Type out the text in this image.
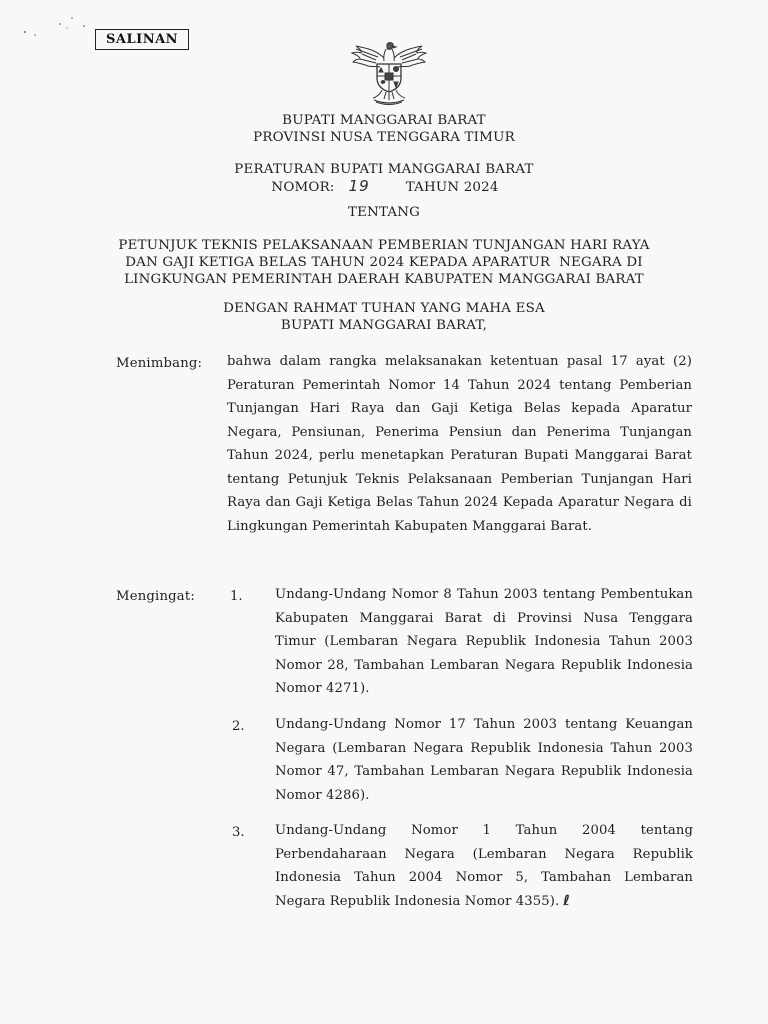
SALINAN
BUPATI MANGGARAI BARAT
PROVINSI NUSA TENGGARA TIMUR
PERATURAN BUPATI MANGGARAI BARAT
NOMOR: 19	TAHUN 2024
TENTANG
PETUNJUK TEKNIS PELAKSANAAN PEMBERIAN TUNJANGAN HARI RAYA
DAN GAJI KETIGA BELAS TAHUN 2024 KEPADA APARATUR  NEGARA DI
LINGKUNGAN PEMERINTAH DAERAH KABUPATEN MANGGARAI BARAT
DENGAN RAHMAT TUHAN YANG MAHA ESA
BUPATI MANGGARAI BARAT,
Menimbang: bahwa dalam rangka melaksanakan ketentuan pasal 17 ayat (2) Peraturan Pemerintah Nomor 14 Tahun 2024 tentang Pemberian Tunjangan Hari Raya dan Gaji Ketiga Belas kepada Aparatur Negara, Pensiunan, Penerima Pensiun dan Penerima Tunjangan Tahun 2024, perlu menetapkan Peraturan Bupati Manggarai Barat tentang Petunjuk Teknis Pelaksanaan Pemberian Tunjangan Hari Raya dan Gaji Ketiga Belas Tahun 2024 Kepada Aparatur Negara di Lingkungan Pemerintah Kabupaten Manggarai Barat.
Mengingat:	1. Undang-Undang Nomor 8 Tahun 2003 tentang Pembentukan Kabupaten Manggarai Barat di Provinsi Nusa Tenggara Timur (Lembaran Negara Republik Indonesia Tahun 2003 Nomor 28, Tambahan Lembaran Negara Republik Indonesia Nomor 4271).
2. Undang-Undang Nomor 17 Tahun 2003 tentang Keuangan Negara (Lembaran Negara Republik Indonesia Tahun 2003 Nomor 47, Tambahan Lembaran Negara Republik Indonesia Nomor 4286).
3. Undang-Undang Nomor 1 Tahun 2004 tentang Perbendaharaan Negara (Lembaran Negara Republik Indonesia Tahun 2004 Nomor 5, Tambahan Lembaran Negara Republik Indonesia Nomor 4355). ℓ
